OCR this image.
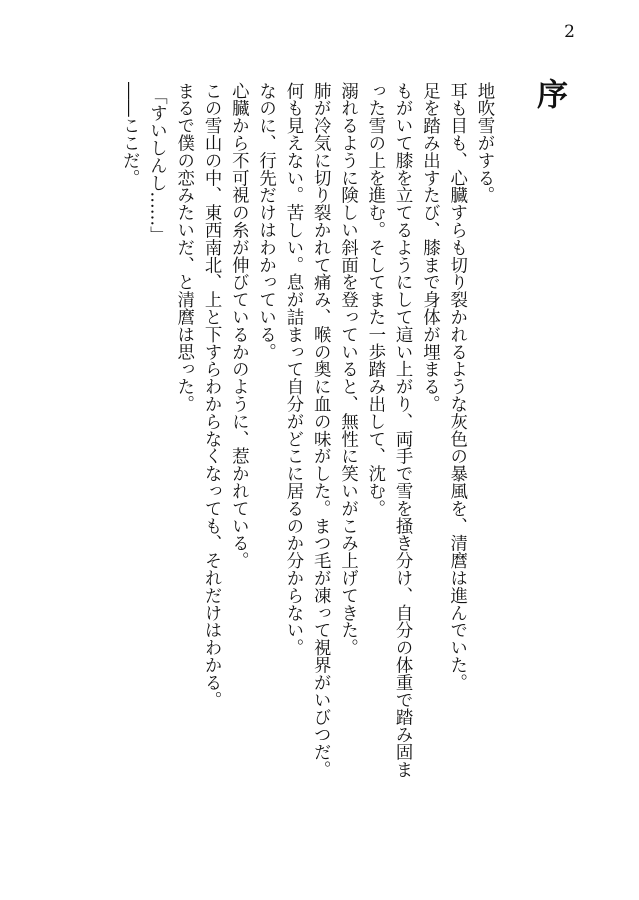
2
序

地吹雪がする。

耳も目も、心臓すらも切り裂かれるような灰色の暴風を、清麿は進んでいた。

足を踏み出すたび、膝まで身体が埋まる。

もがいて膝を立てるようにして這い上がり、両手で雪を掻き分け、自分の体重で踏み固ま

った雪の上を進む。そしてまた一歩踏み出して、沈む。

溺れるように険しい斜面を登っていると、無性に笑いがこみ上げてきた。

肺が冷気に切り裂かれて痛み、喉の奥に血の味がした。まつ毛が凍って視界がいびつだ。

何も見えない。苦しい。息が詰まって自分がどこに居るのか分からない。

なのに、行先だけはわかっている。

心臓から不可視の糸が伸びているかのように、惹かれている。

この雪山の中、東西南北、上と下すらわからなくなっても、それだけはわかる。

まるで僕の恋みたいだ、と清麿は思った。

「すいしんし……」

――ここだ。
